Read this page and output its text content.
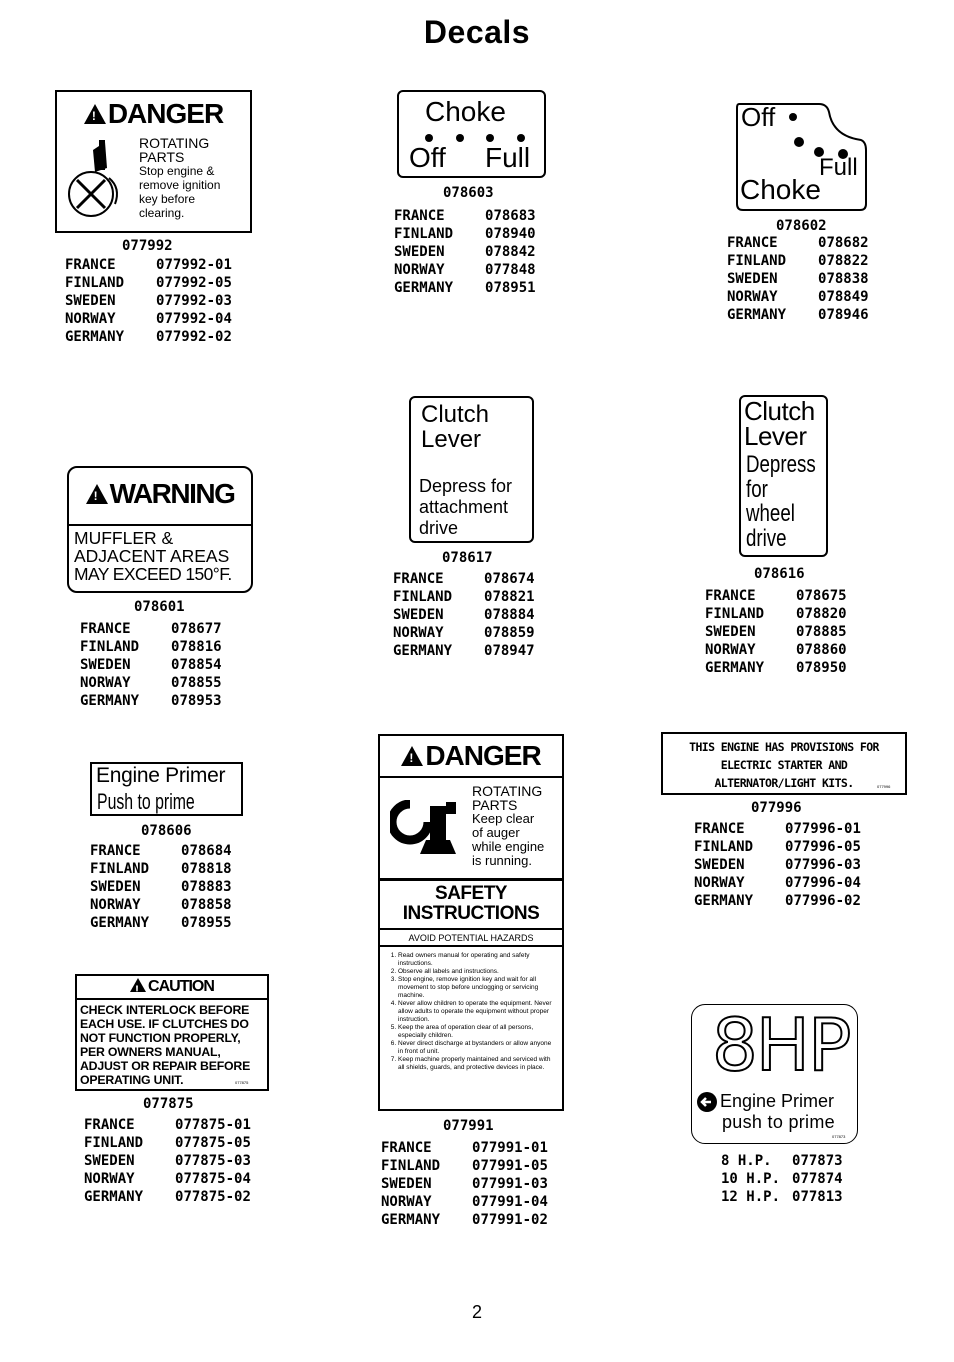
Decals
!DANGER
ROTATING
PARTS
Stop engine &
remove ignition
key before
clearing.
077992
FRANCE	077992-01
FINLAND	077992-05
SWEDEN	077992-03
NORWAY	077992-04
GERMANY	077992-02
Choke
Off Full
078603
FRANCE	078683
FINLAND	078940
SWEDEN	078842
NORWAY	077848
GERMANY	078951
Off
Full
Choke
078602
FRANCE	078682
FINLAND	078822
SWEDEN	078838
NORWAY	078849
GERMANY	078946
!WARNING
MUFFLER &
ADJACENT AREAS
MAY EXCEED 150°F.
078601
FRANCE	078677
FINLAND	078816
SWEDEN	078854
NORWAY	078855
GERMANY	078953
Clutch
Lever
Depress for
attachment
drive
078617
FRANCE	078674
FINLAND	078821
SWEDEN	078884
NORWAY	078859
GERMANY	078947
Clutch
Lever
Depress
for
wheel
drive
078616
FRANCE	078675
FINLAND	078820
SWEDEN	078885
NORWAY	078860
GERMANY	078950
Engine Primer
Push to prime
078606
FRANCE	078684
FINLAND	078818
SWEDEN	078883
NORWAY	078858
GERMANY	078955
!DANGER
ROTATING
PARTS
Keep clear
of auger
while engine
is running.
SAFETY
INSTRUCTIONS
AVOID POTENTIAL HAZARDS
1. Read owners manual for operating and safety instructions.
2. Observe all labels and instructions.
3. Stop engine, remove ignition key and wait for all movement to stop before unclogging or servicing machine.
4. Never allow children to operate the equipment. Never allow adults to operate the equipment without proper instruction.
5. Keep the area of operation clear of all persons, especially children.
6. Never direct discharge at bystanders or allow anyone in front of unit.
7. Keep machine properly maintained and serviced with all shields, guards, and protective devices in place.
077991
FRANCE	077991-01
FINLAND	077991-05
SWEDEN	077991-03
NORWAY	077991-04
GERMANY	077991-02
THIS ENGINE HAS PROVISIONS FOR
ELECTRIC STARTER AND
ALTERNATOR/LIGHT KITS.	077996
077996
FRANCE	077996-01
FINLAND	077996-05
SWEDEN	077996-03
NORWAY	077996-04
GERMANY	077996-02
!CAUTION
CHECK INTERLOCK BEFORE
EACH USE. IF CLUTCHES DO
NOT FUNCTION PROPERLY,
PER OWNERS MANUAL,
ADJUST OR REPAIR BEFORE
OPERATING UNIT.	077875
077875
FRANCE	077875-01
FINLAND	077875-05
SWEDEN	077875-03
NORWAY	077875-04
GERMANY	077875-02
8HP
Engine Primer
push to prime
077873
8 H.P.	077873
10 H.P.	077874
12 H.P.	077813
2
